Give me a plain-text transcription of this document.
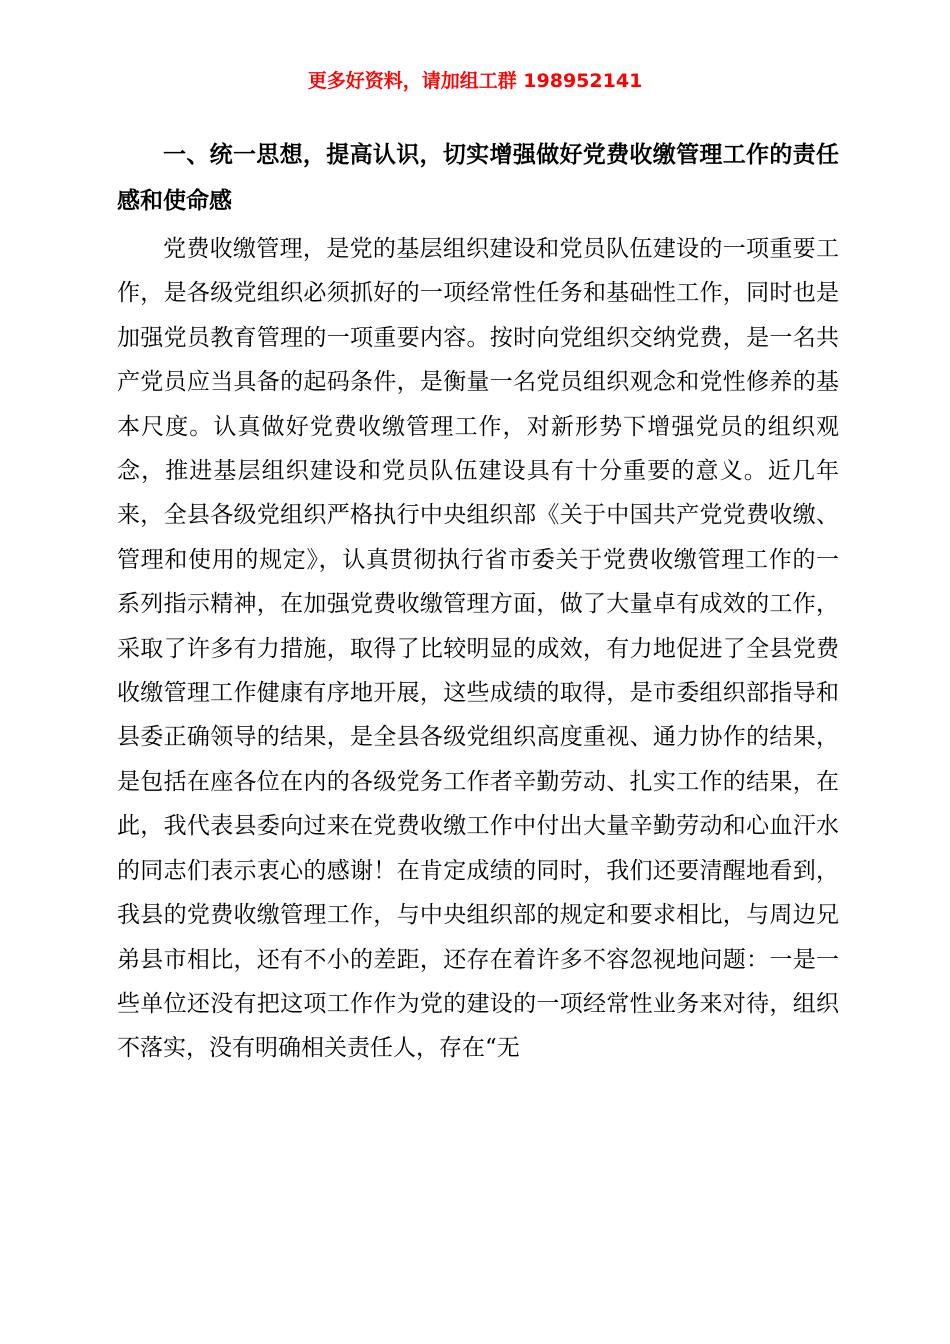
更多好资料，请加组工群 198952141
一、统一思想，提高认识，切实增强做好党费收缴管理工作的责任感和使命感
党费收缴管理，是党的基层组织建设和党员队伍建设的一项重要工作，是各级党组织必须抓好的一项经常性任务和基础性工作，同时也是加强党员教育管理的一项重要内容。按时向党组织交纳党费，是一名共产党员应当具备的起码条件，是衡量一名党员组织观念和党性修养的基本尺度。认真做好党费收缴管理工作，对新形势下增强党员的组织观念，推进基层组织建设和党员队伍建设具有十分重要的意义。近几年来，全县各级党组织严格执行中央组织部《关于中国共产党党费收缴、管理和使用的规定》，认真贯彻执行省市委关于党费收缴管理工作的一系列指示精神，在加强党费收缴管理方面，做了大量卓有成效的工作，采取了许多有力措施，取得了比较明显的成效，有力地促进了全县党费收缴管理工作健康有序地开展，这些成绩的取得，是市委组织部指导和县委正确领导的结果，是全县各级党组织高度重视、通力协作的结果，是包括在座各位在内的各级党务工作者辛勤劳动、扎实工作的结果，在此，我代表县委向过来在党费收缴工作中付出大量辛勤劳动和心血汗水的同志们表示衷心的感谢！在肯定成绩的同时，我们还要清醒地看到，我县的党费收缴管理工作，与中央组织部的规定和要求相比，与周边兄弟县市相比，还有不小的差距，还存在着许多不容忽视地问题：一是一些单位还没有把这项工作作为党的建设的一项经常性业务来对待，组织不落实，没有明确相关责任人，存在“无
